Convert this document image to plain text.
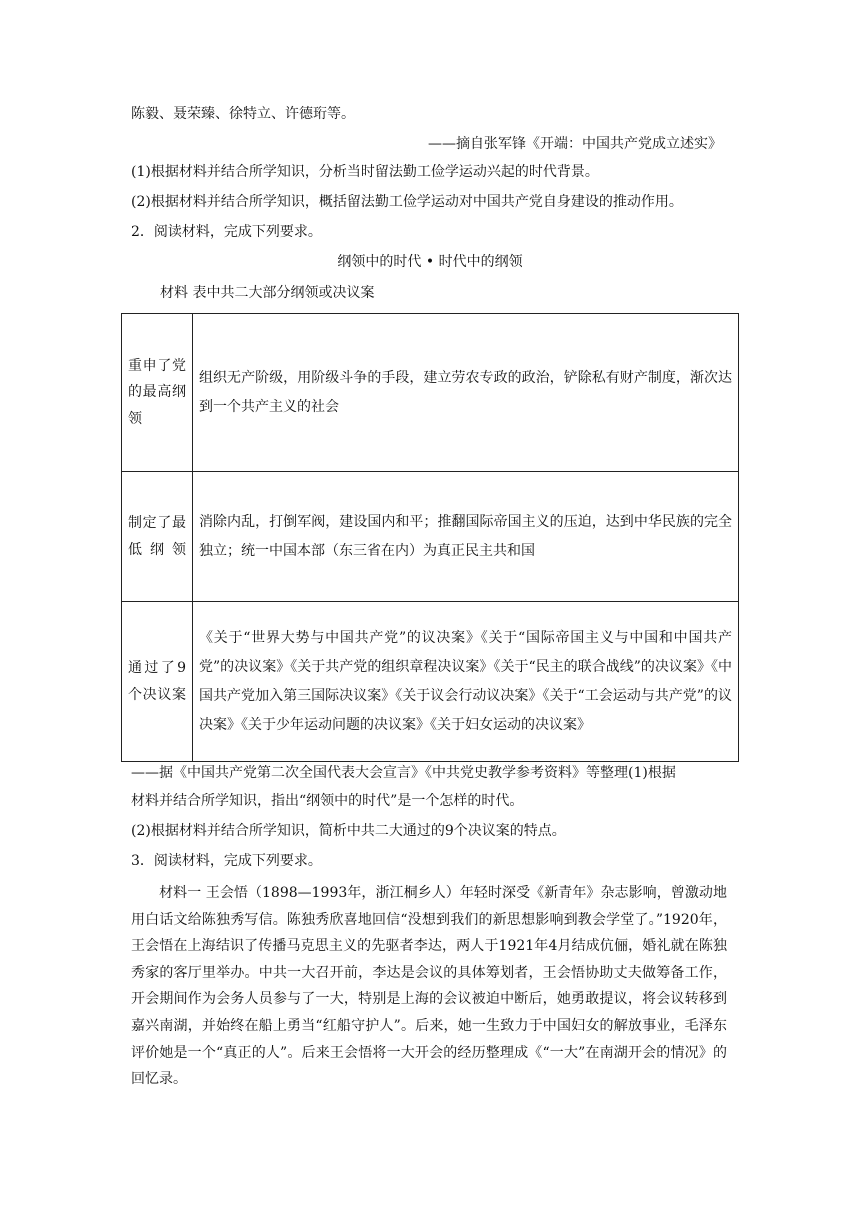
陈毅、聂荣臻、徐特立、许德珩等。
——摘自张军锋《开端：中国共产党成立述实》
(1)根据材料并结合所学知识，分析当时留法勤工俭学运动兴起的时代背景。
(2)根据材料并结合所学知识，概括留法勤工俭学运动对中国共产党自身建设的推动作用。
2．阅读材料，完成下列要求。
纲领中的时代 • 时代中的纲领
材料 表中共二大部分纲领或决议案
重申了党的最高纲领	组织无产阶级，用阶级斗争的手段，建立劳农专政的政治，铲除私有财产制度，渐次达到一个共产主义的社会
制定了最低纲领	消除内乱，打倒军阀，建设国内和平；推翻国际帝国主义的压迫，达到中华民族的完全独立；统一中国本部（东三省在内）为真正民主共和国
通过了9个决议案	《关于“世界大势与中国共产党”的议决案》《关于“国际帝国主义与中国和中国共产党”的决议案》《关于共产党的组织章程决议案》《关于“民主的联合战线”的决议案》《中国共产党加入第三国际决议案》《关于议会行动议决案》《关于“工会运动与共产党”的议决案》《关于少年运动问题的决议案》《关于妇女运动的决议案》
——据《中国共产党第二次全国代表大会宣言》《中共党史教学参考资料》等整理(1)根据
材料并结合所学知识，指出“纲领中的时代”是一个怎样的时代。
(2)根据材料并结合所学知识，简析中共二大通过的9个决议案的特点。
3．阅读材料，完成下列要求。
材料一 王会悟（1898—1993年，浙江桐乡人）年轻时深受《新青年》杂志影响，曾激动地用白话文给陈独秀写信。陈独秀欣喜地回信“没想到我们的新思想影响到教会学堂了。”1920年，王会悟在上海结识了传播马克思主义的先驱者李达，两人于1921年4月结成伉俪，婚礼就在陈独秀家的客厅里举办。中共一大召开前，李达是会议的具体筹划者，王会悟协助丈夫做筹备工作，开会期间作为会务人员参与了一大，特别是上海的会议被迫中断后，她勇敢提议，将会议转移到嘉兴南湖，并始终在船上勇当“红船守护人”。后来，她一生致力于中国妇女的解放事业，毛泽东评价她是一个“真正的人”。后来王会悟将一大开会的经历整理成《“一大”在南湖开会的情况》的回忆录。
